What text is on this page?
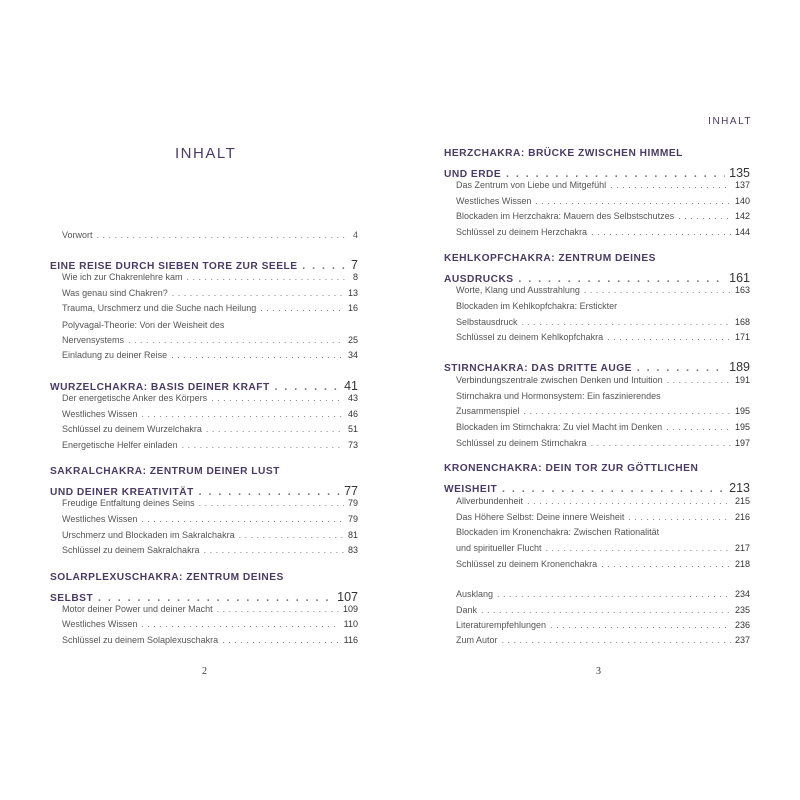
INHALT
Vorwort . . .	4
EINE REISE DURCH SIEBEN TORE ZUR SEELE . . .	7
Wie ich zur Chakrenlehre kam . . .	8
Was genau sind Chakren? . . .	13
Trauma, Urschmerz und die Suche nach Heilung . . .	16
Polyvagal-Theorie: Von der Weisheit des
Nervensystems . . .	25
Einladung zu deiner Reise . . .	34
WURZELCHAKRA: BASIS DEINER KRAFT . . .	41
Der energetische Anker des Körpers . . .	43
Westliches Wissen . . .	46
Schlüssel zu deinem Wurzelchakra . . .	51
Energetische Helfer einladen . . .	73
SAKRALCHAKRA: ZENTRUM DEINER LUST
UND DEINER KREATIVITÄT . . .	77
Freudige Entfaltung deines Seins . . .	79
Westliches Wissen . . .	79
Urschmerz und Blockaden im Sakralchakra . . .	81
Schlüssel zu deinem Sakralchakra . . .	83
SOLARPLEXUSCHAKRA: ZENTRUM DEINES
SELBST . . .	107
Motor deiner Power und deiner Macht . . .	109
Westliches Wissen . . .	110
Schlüssel zu deinem Solaplexuschakra . . .	116
2
INHALT
HERZCHAKRA: BRÜCKE ZWISCHEN HIMMEL
UND ERDE . . .	135
Das Zentrum von Liebe und Mitgefühl . . .	137
Westliches Wissen . . .	140
Blockaden im Herzchakra: Mauern des Selbstschutzes . . .	142
Schlüssel zu deinem Herzchakra . . .	144
KEHLKOPFCHAKRA: ZENTRUM DEINES
AUSDRUCKS . . .	161
Worte, Klang und Ausstrahlung . . .	163
Blockaden im Kehlkopfchakra: Erstickter
Selbstausdruck . . .	168
Schlüssel zu deinem Kehlkopfchakra . . .	171
STIRNCHAKRA: DAS DRITTE AUGE . . .	189
Verbindungszentrale zwischen Denken und Intuition . . .	191
Stirnchakra und Hormonsystem: Ein faszinierendes
Zusammenspiel . . .	195
Blockaden im Stirnchakra: Zu viel Macht im Denken . . .	195
Schlüssel zu deinem Stirnchakra . . .	197
KRONENCHAKRA: DEIN TOR ZUR GÖTTLICHEN
WEISHEIT . . .	213
Allverbundenheit . . .	215
Das Höhere Selbst: Deine innere Weisheit . . .	216
Blockaden im Kronenchakra: Zwischen Rationalität
und spiritueller Flucht . . .	217
Schlüssel zu deinem Kronenchakra . . .	218
Ausklang . . .	234
Dank . . .	235
Literaturempfehlungen . . .	236
Zum Autor . . .	237
3
